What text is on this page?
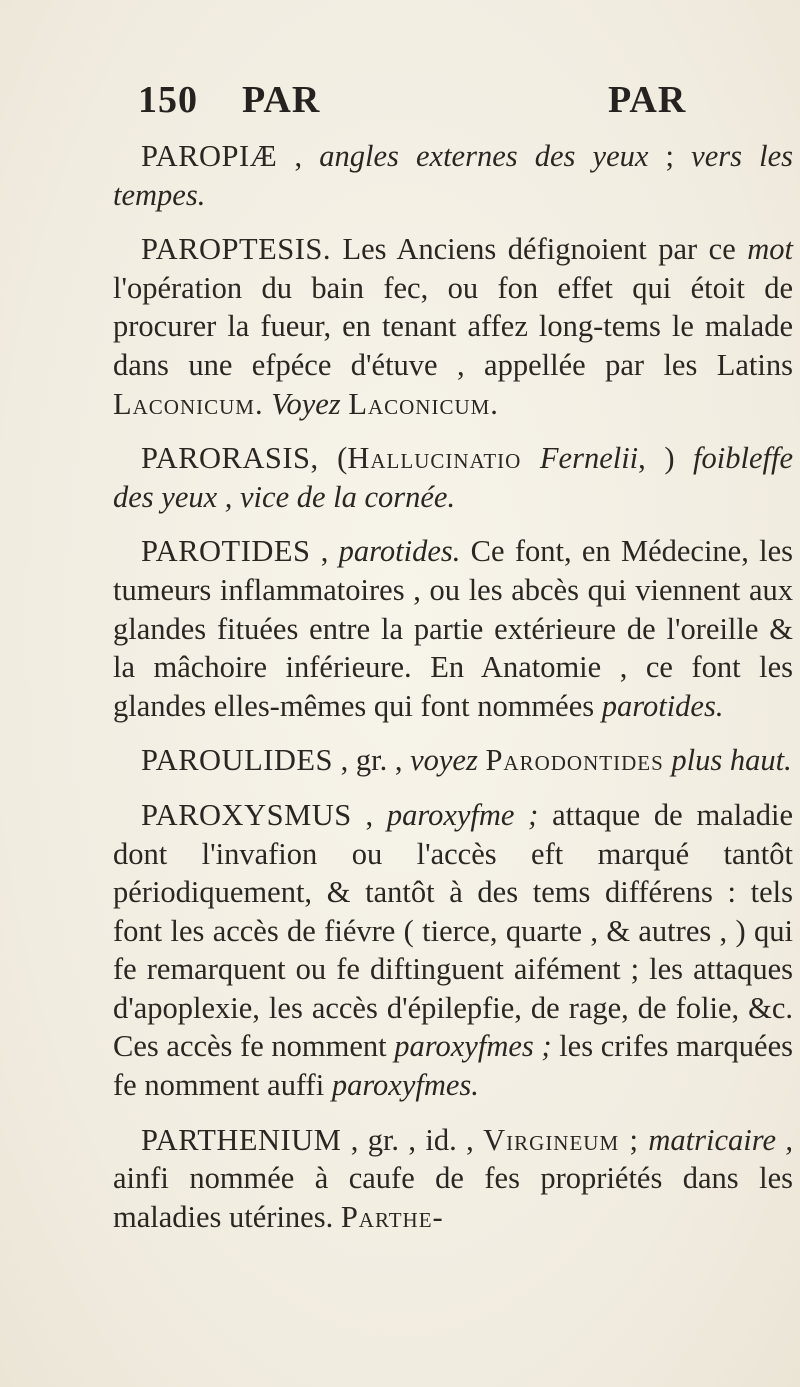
150 PAR	PAR

PAROPIÆ , angles externes des yeux ; vers les tempes.

PAROPTESIS. Les Anciens défignoient par ce mot l'opération du bain fec, ou fon effet qui étoit de procurer la fueur, en tenant affez long-tems le malade dans une efpéce d'étuve , appellée par les Latins Laconicum. Voyez Laconicum.

PARORASIS, (Hallucinatio Fernelii, ) foibleffe des yeux , vice de la cornée.

PAROTIDES , parotides. Ce font, en Médecine, les tumeurs inflammatoires , ou les abcès qui viennent aux glandes fituées entre la partie extérieure de l'oreille & la mâchoire inférieure. En Anatomie , ce font les glandes elles-mêmes qui font nommées parotides.

PAROULIDES , gr. , voyez Parodontides plus haut.

PAROXYSMUS , paroxyfme ; attaque de maladie dont l'invafion ou l'accès eft marqué tantôt périodiquement, & tantôt à des tems différens : tels font les accès de fiévre ( tierce, quarte , & autres , ) qui fe remarquent ou fe diftinguent aifément ; les attaques d'apoplexie, les accès d'épilepfie, de rage, de folie, &c. Ces accès fe nomment paroxyfmes ; les crifes marquées fe nomment auffi paroxyfmes.

PARTHENIUM , gr. , id. , Virgineum ; matricaire , ainfi nommée à caufe de fes propriétés dans les maladies utérines. Parthe-
